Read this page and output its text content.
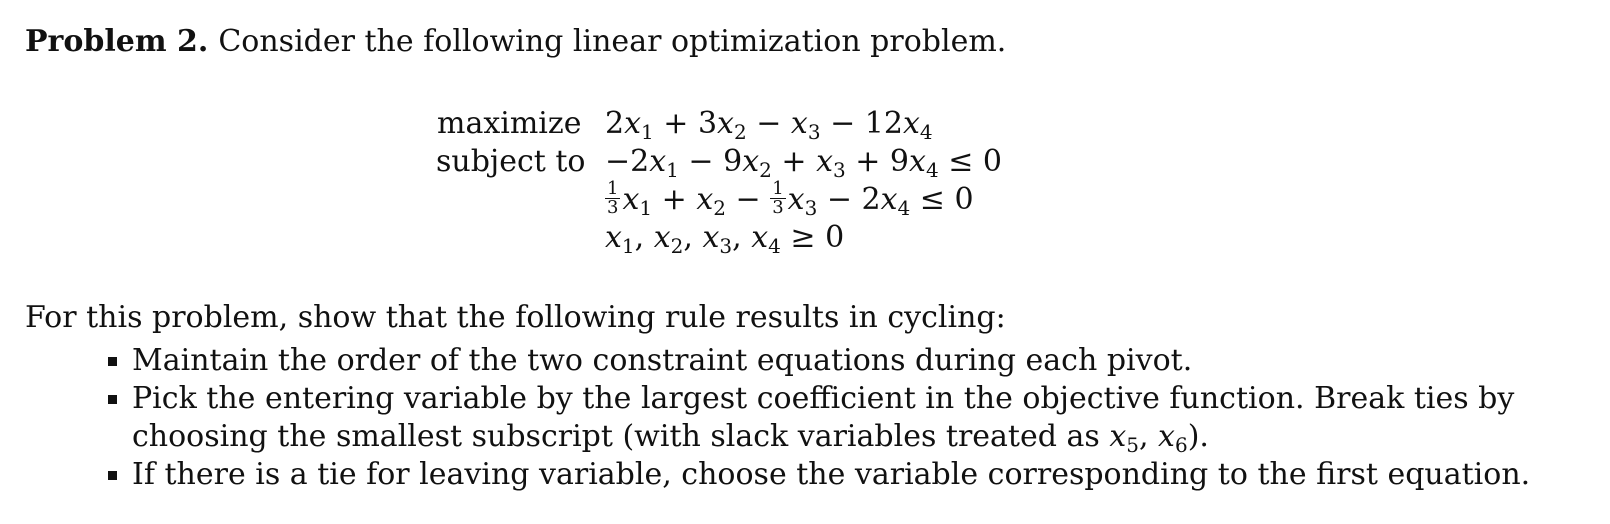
Problem 2. Consider the following linear optimization problem.
maximize $2x_1 + 3x_2 - x_3 - 12x_4$
subject to $-2x_1 - 9x_2 + x_3 + 9x_4 \le 0$
$\frac{1}{3} x_1 + x_2 - \frac{1}{3} x_3 - 2x_4 \le 0$
$x_1$, $x_2$, $x_3$, $x_4 \ge 0$
For this problem, show that the following rule results in cycling:
Maintain the order of the two constraint equations during each pivot.
Pick the entering variable by the largest coefficient in the objective function. Break ties by
choosing the smallest subscript (with slack variables treated as $x_5$, $x_6$).
If there is a tie for leaving variable, choose the variable corresponding to the first equation.
